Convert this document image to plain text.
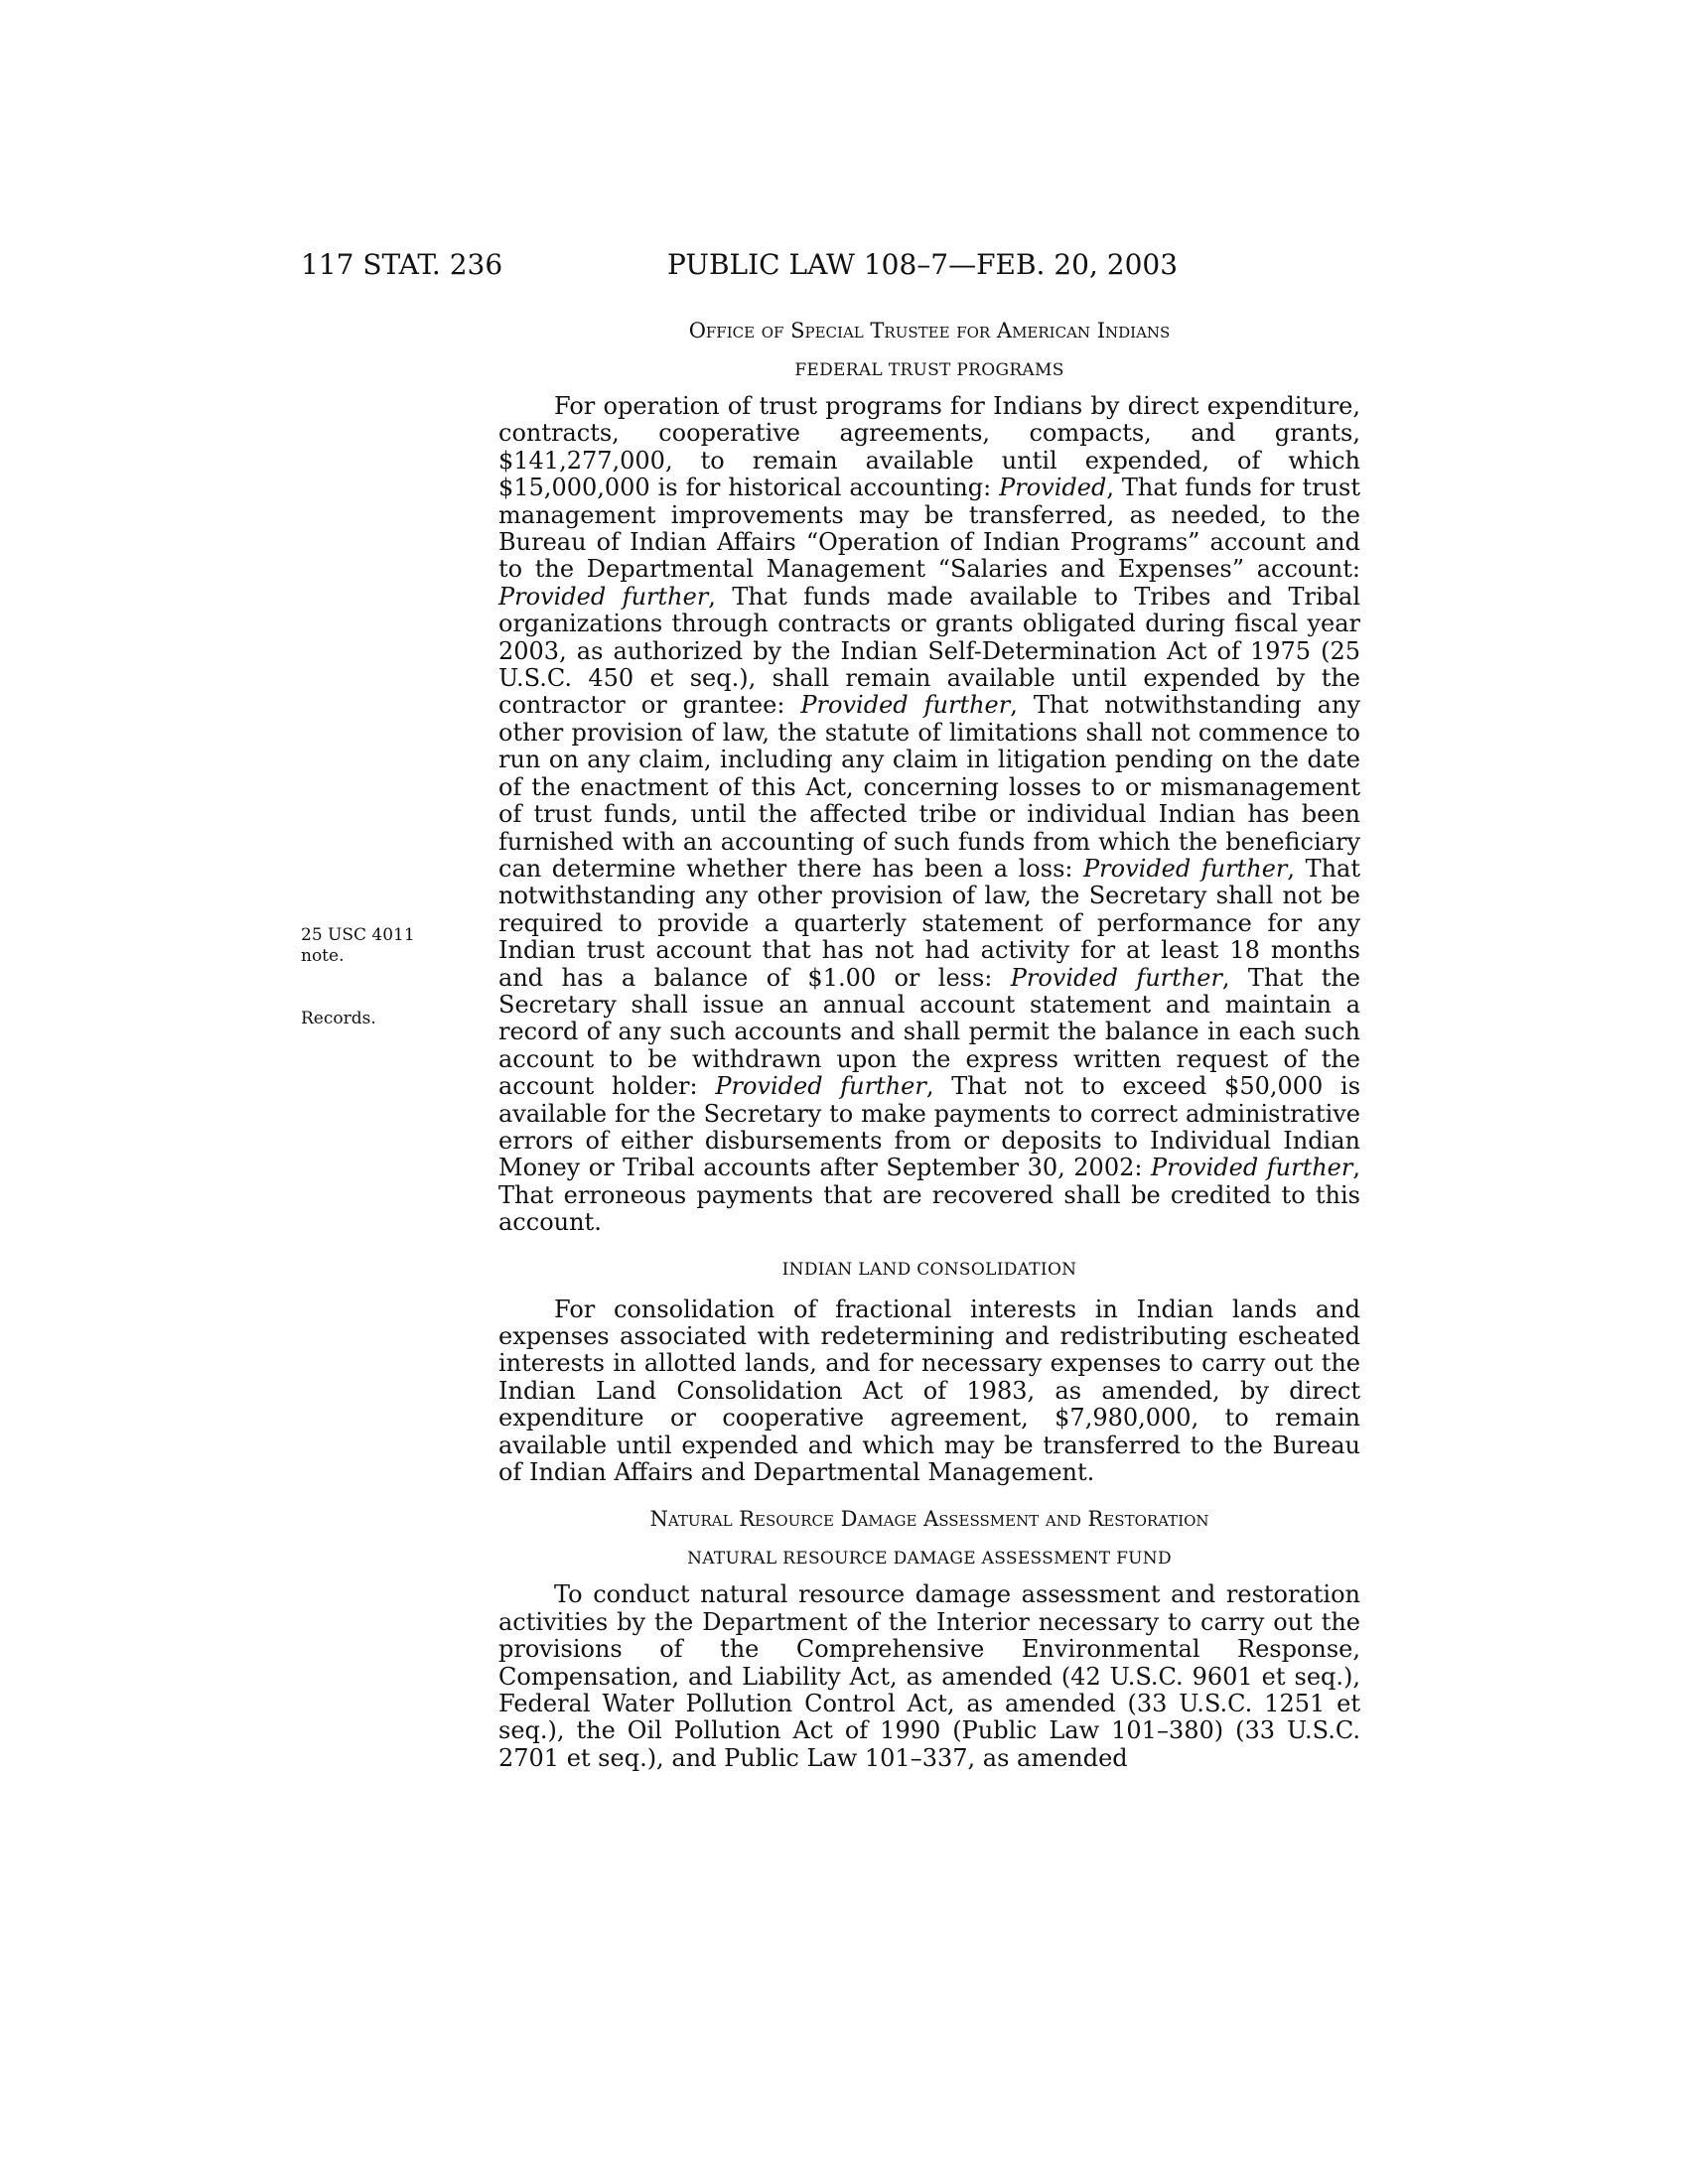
117 STAT. 236	PUBLIC LAW 108–7—FEB. 20, 2003
25 USC 4011
note.
Records.
Office of Special Trustee for American Indians
FEDERAL TRUST PROGRAMS

For operation of trust programs for Indians by direct expenditure, contracts, cooperative agreements, compacts, and grants, $141,277,000, to remain available until expended, of which $15,000,000 is for historical accounting: Provided, That funds for trust management improvements may be transferred, as needed, to the Bureau of Indian Affairs “Operation of Indian Programs” account and to the Departmental Management “Salaries and Expenses” account: Provided further, That funds made available to Tribes and Tribal organizations through contracts or grants obligated during fiscal year 2003, as authorized by the Indian Self-Determination Act of 1975 (25 U.S.C. 450 et seq.), shall remain available until expended by the contractor or grantee: Provided further, That notwithstanding any other provision of law, the statute of limitations shall not commence to run on any claim, including any claim in litigation pending on the date of the enactment of this Act, concerning losses to or mismanagement of trust funds, until the affected tribe or individual Indian has been furnished with an accounting of such funds from which the beneficiary can determine whether there has been a loss: Provided further, That notwithstanding any other provision of law, the Secretary shall not be required to provide a quarterly statement of performance for any Indian trust account that has not had activity for at least 18 months and has a balance of $1.00 or less: Provided further, That the Secretary shall issue an annual account statement and maintain a record of any such accounts and shall permit the balance in each such account to be withdrawn upon the express written request of the account holder: Provided further, That not to exceed $50,000 is available for the Secretary to make payments to correct administrative errors of either disbursements from or deposits to Individual Indian Money or Tribal accounts after September 30, 2002: Provided further, That erroneous payments that are recovered shall be credited to this account.

INDIAN LAND CONSOLIDATION

For consolidation of fractional interests in Indian lands and expenses associated with redetermining and redistributing escheated interests in allotted lands, and for necessary expenses to carry out the Indian Land Consolidation Act of 1983, as amended, by direct expenditure or cooperative agreement, $7,980,000, to remain available until expended and which may be transferred to the Bureau of Indian Affairs and Departmental Management.

Natural Resource Damage Assessment and Restoration
NATURAL RESOURCE DAMAGE ASSESSMENT FUND

To conduct natural resource damage assessment and restoration activities by the Department of the Interior necessary to carry out the provisions of the Comprehensive Environmental Response, Compensation, and Liability Act, as amended (42 U.S.C. 9601 et seq.), Federal Water Pollution Control Act, as amended (33 U.S.C. 1251 et seq.), the Oil Pollution Act of 1990 (Public Law 101–380) (33 U.S.C. 2701 et seq.), and Public Law 101–337, as amended
